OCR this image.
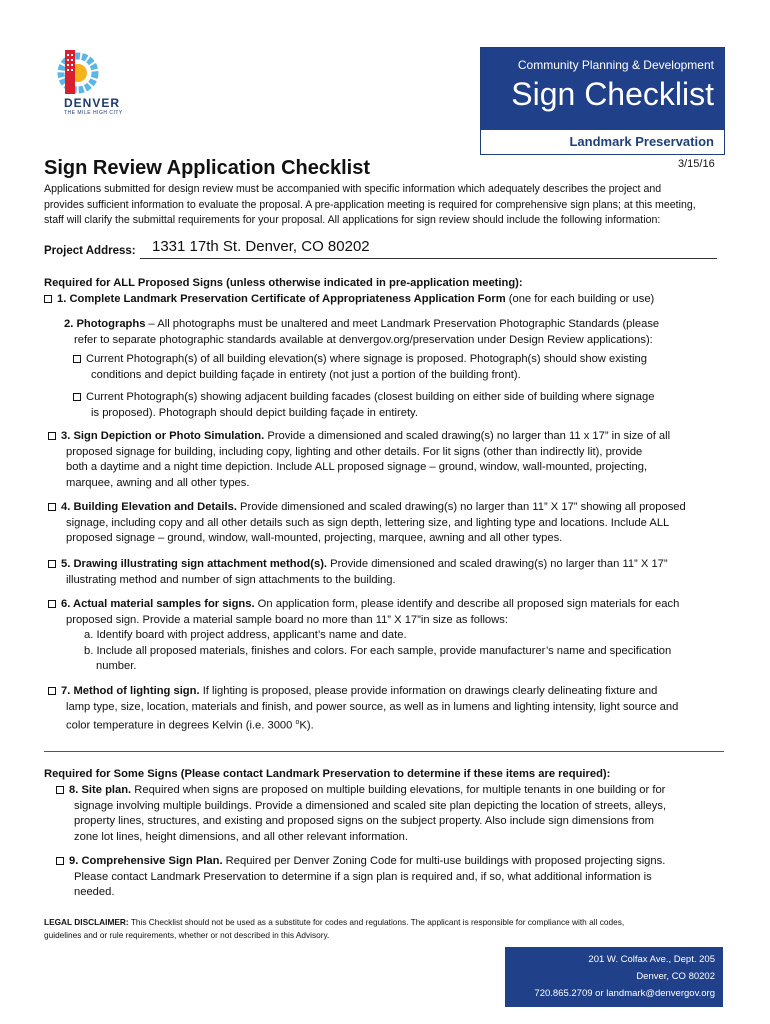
DENVER
THE MILE HIGH CITY
Community Planning & Development
Sign Checklist
Landmark Preservation
Sign Review Application Checklist	3/15/16
Applications submitted for design review must be accompanied with specific information which adequately describes the project and
provides sufficient information to evaluate the proposal. A pre-application meeting is required for comprehensive sign plans; at this meeting,
staff will clarify the submittal requirements for your proposal. All applications for sign review should include the following information:
Project Address: 1331 17th St. Denver, CO 80202
Required for ALL Proposed Signs (unless otherwise indicated in pre-application meeting):
1. Complete Landmark Preservation Certificate of Appropriateness Application Form (one for each building or use)
2. Photographs – All photographs must be unaltered and meet Landmark Preservation Photographic Standards (please
refer to separate photographic standards available at denvergov.org/preservation under Design Review applications):
Current Photograph(s) of all building elevation(s) where signage is proposed. Photograph(s) should show existing
conditions and depict building façade in entirety (not just a portion of the building front).
Current Photograph(s) showing adjacent building facades (closest building on either side of building where signage
is proposed). Photograph should depict building façade in entirety.
3. Sign Depiction or Photo Simulation. Provide a dimensioned and scaled drawing(s) no larger than 11 x 17” in size of all
proposed signage for building, including copy, lighting and other details. For lit signs (other than indirectly lit), provide
both a daytime and a night time depiction. Include ALL proposed signage – ground, window, wall-mounted, projecting,
marquee, awning and all other types.
4. Building Elevation and Details. Provide dimensioned and scaled drawing(s) no larger than 11” X 17” showing all proposed
signage, including copy and all other details such as sign depth, lettering size, and lighting type and locations. Include ALL
proposed signage – ground, window, wall-mounted, projecting, marquee, awning and all other types.
5. Drawing illustrating sign attachment method(s). Provide dimensioned and scaled drawing(s) no larger than 11” X 17”
illustrating method and number of sign attachments to the building.
6. Actual material samples for signs. On application form, please identify and describe all proposed sign materials for each
proposed sign. Provide a material sample board no more than 11” X 17”in size as follows:
a. Identify board with project address, applicant’s name and date.
b. Include all proposed materials, finishes and colors. For each sample, provide manufacturer’s name and specification
number.
7. Method of lighting sign. If lighting is proposed, please provide information on drawings clearly delineating fixture and
lamp type, size, location, materials and finish, and power source, as well as in lumens and lighting intensity, light source and
color temperature in degrees Kelvin (i.e. 3000 $^o$K).
Required for Some Signs (Please contact Landmark Preservation to determine if these items are required):
8. Site plan. Required when signs are proposed on multiple building elevations, for multiple tenants in one building or for
signage involving multiple buildings. Provide a dimensioned and scaled site plan depicting the location of streets, alleys,
property lines, structures, and existing and proposed signs on the subject property. Also include sign dimensions from
zone lot lines, height dimensions, and all other relevant information.
9. Comprehensive Sign Plan. Required per Denver Zoning Code for multi-use buildings with proposed projecting signs.
Please contact Landmark Preservation to determine if a sign plan is required and, if so, what additional information is
needed.
LEGAL DISCLAIMER: This Checklist should not be used as a substitute for codes and regulations. The applicant is responsible for compliance with all codes,
guidelines and or rule requirements, whether or not described in this Advisory.
201 W. Colfax Ave., Dept. 205
Denver, CO 80202
720.865.2709 or landmark@denvergov.org
